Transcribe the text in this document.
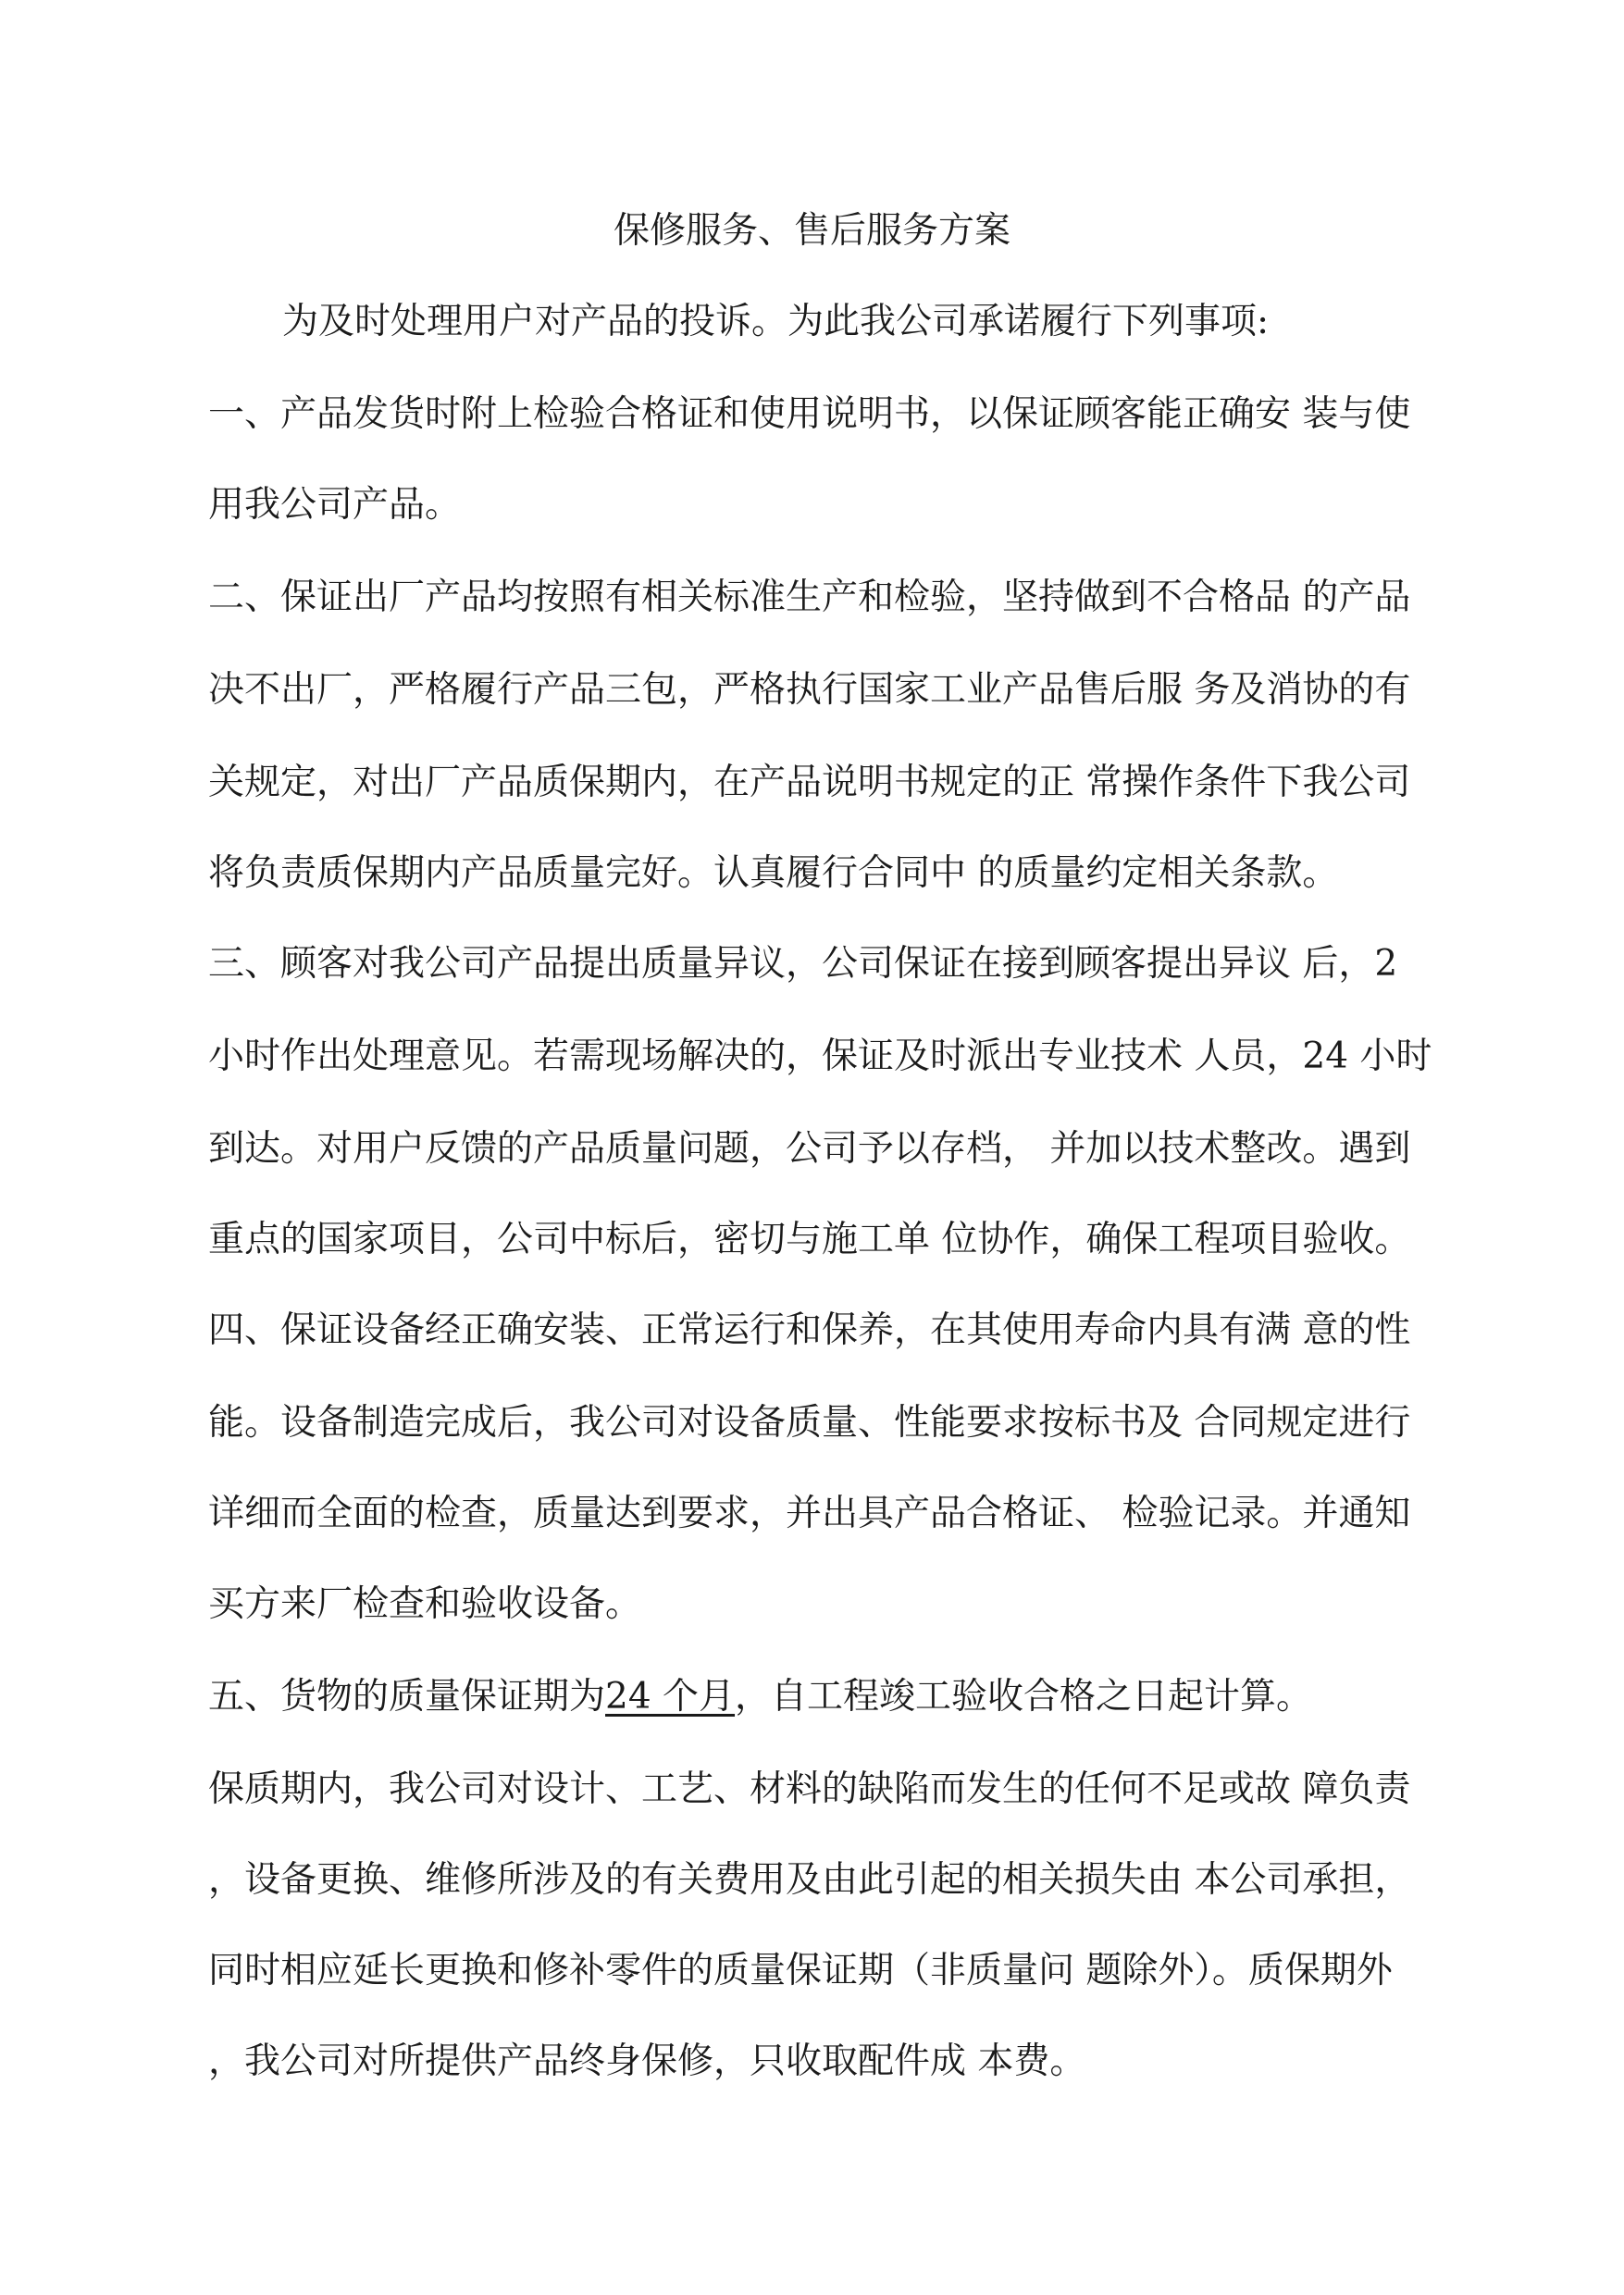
保修服务、售后服务方案
为及时处理用户对产品的投诉。为此我公司承诺履行下列事项:
一、产品发货时附上检验合格证和使用说明书，以保证顾客能正确安 装与使
用我公司产品。
二、保证出厂产品均按照有相关标准生产和检验，坚持做到不合格品 的产品
决不出厂，严格履行产品三包，严格执行国家工业产品售后服 务及消协的有
关规定，对出厂产品质保期内，在产品说明书规定的正 常操作条件下我公司
将负责质保期内产品质量完好。认真履行合同中 的质量约定相关条款。
三、顾客对我公司产品提出质量异议，公司保证在接到顾客提出异议 后，2
小时作出处理意见。若需现场解决的，保证及时派出专业技术 人员，24 小时
到达。对用户反馈的产品质量问题，公司予以存档， 并加以技术整改。遇到
重点的国家项目，公司中标后，密切与施工单 位协作，确保工程项目验收。
四、保证设备经正确安装、正常运行和保养，在其使用寿命内具有满 意的性
能。设备制造完成后，我公司对设备质量、性能要求按标书及 合同规定进行
详细而全面的检查，质量达到要求，并出具产品合格证、 检验记录。并通知
买方来厂检查和验收设备。
五、货物的质量保证期为24 个月，自工程竣工验收合格之日起计算。
保质期内，我公司对设计、工艺、材料的缺陷而发生的任何不足或故 障负责
，设备更换、维修所涉及的有关费用及由此引起的相关损失由 本公司承担，
同时相应延长更换和修补零件的质量保证期（非质量问 题除外）。质保期外
，我公司对所提供产品终身保修，只收取配件成 本费。
